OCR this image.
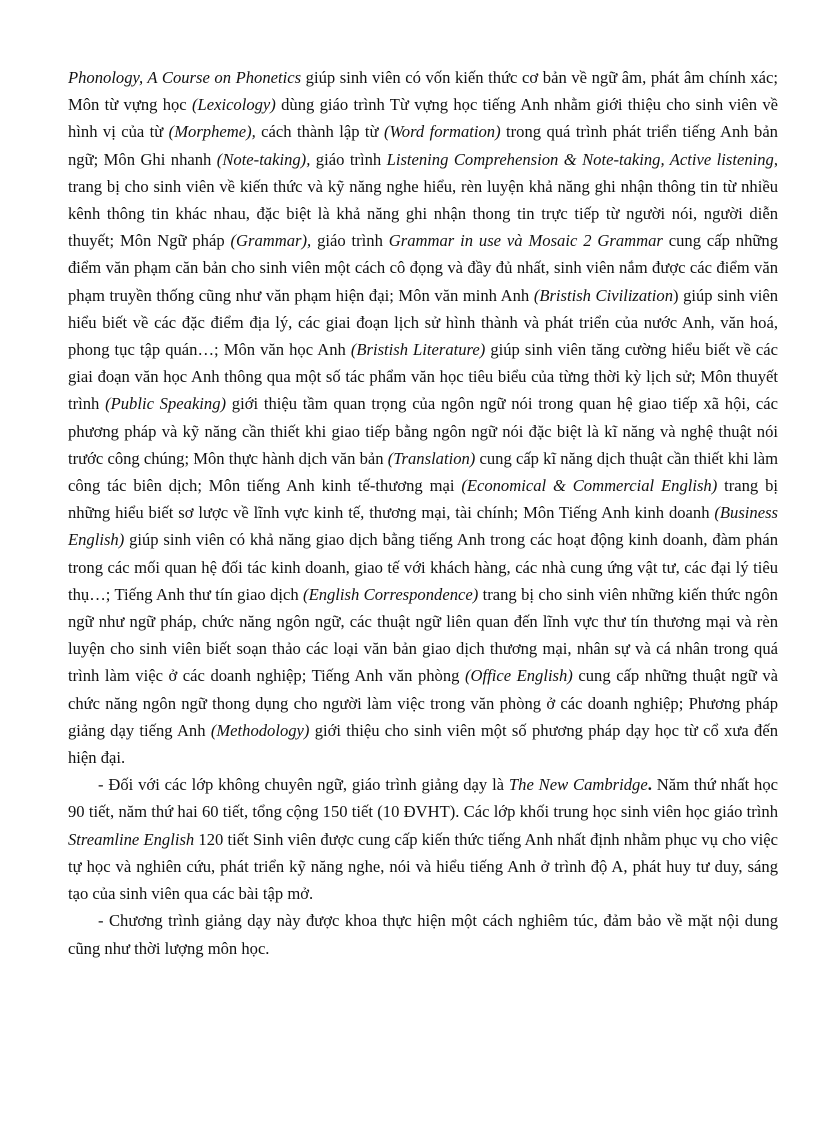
Phonology, A Course on Phonetics giúp sinh viên có vốn kiến thức cơ bản về ngữ âm, phát âm chính xác; Môn từ vựng học (Lexicology) dùng giáo trình Từ vựng học tiếng Anh nhằm giới thiệu cho sinh viên về hình vị của từ (Morpheme), cách thành lập từ (Word formation) trong quá trình phát triển tiếng Anh bản ngữ; Môn Ghi nhanh (Note-taking), giáo trình Listening Comprehension & Note-taking, Active listening, trang bị cho sinh viên về kiến thức và kỹ năng nghe hiểu, rèn luyện khả năng ghi nhận thông tin từ nhiều kênh thông tin khác nhau, đặc biệt là khả năng ghi nhận thong tin trực tiếp từ người nói, người diễn thuyết; Môn Ngữ pháp (Grammar), giáo trình Grammar in use và Mosaic 2 Grammar cung cấp những điểm văn phạm căn bản cho sinh viên một cách cô đọng và đầy đủ nhất, sinh viên nắm được các điểm văn phạm truyền thống cũng như văn phạm hiện đại; Môn văn minh Anh (Bristish Civilization) giúp sinh viên hiểu biết về các đặc điểm địa lý, các giai đoạn lịch sử hình thành và phát triển của nước Anh, văn hoá, phong tục tập quán…; Môn văn học Anh (Bristish Literature) giúp sinh viên tăng cường hiểu biết về các giai đoạn văn học Anh thông qua một số tác phẩm văn học tiêu biểu của từng thời kỳ lịch sử; Môn thuyết trình (Public Speaking) giới thiệu tầm quan trọng của ngôn ngữ nói trong quan hệ giao tiếp xã hội, các phương pháp và kỹ năng cần thiết khi giao tiếp bằng ngôn ngữ nói đặc biệt là kĩ năng và nghệ thuật nói trước công chúng; Môn thực hành dịch văn bản (Translation) cung cấp kĩ năng dịch thuật cần thiết khi làm công tác biên dịch; Môn tiếng Anh kinh tế-thương mại (Economical & Commercial English) trang bị những hiểu biết sơ lược về lĩnh vực kinh tế, thương mại, tài chính; Môn Tiếng Anh kinh doanh (Business English) giúp sinh viên có khả năng giao dịch bằng tiếng Anh trong các hoạt động kinh doanh, đàm phán trong các mối quan hệ đối tác kinh doanh, giao tế với khách hàng, các nhà cung ứng vật tư, các đại lý tiêu thụ…; Tiếng Anh thư tín giao dịch (English Correspondence) trang bị cho sinh viên những kiến thức ngôn ngữ như ngữ pháp, chức năng ngôn ngữ, các thuật ngữ liên quan đến lĩnh vực thư tín thương mại và rèn luyện cho sinh viên biết soạn thảo các loại văn bản giao dịch thương mại, nhân sự và cá nhân trong quá trình làm việc ở các doanh nghiệp; Tiếng Anh văn phòng (Office English) cung cấp những thuật ngữ và chức năng ngôn ngữ thong dụng cho người làm việc trong văn phòng ở các doanh nghiệp; Phương pháp giảng dạy tiếng Anh (Methodology) giới thiệu cho sinh viên một số phương pháp dạy học từ cổ xưa đến hiện đại.

- Đối với các lớp không chuyên ngữ, giáo trình giảng dạy là The New Cambridge. Năm thứ nhất học 90 tiết, năm thứ hai 60 tiết, tổng cộng 150 tiết (10 ĐVHT). Các lớp khối trung học sinh viên học giáo trình Streamline English 120 tiết Sinh viên được cung cấp kiến thức tiếng Anh nhất định nhằm phục vụ cho việc tự học và nghiên cứu, phát triển kỹ năng nghe, nói và hiểu tiếng Anh ở trình độ A, phát huy tư duy, sáng tạo của sinh viên qua các bài tập mở.

- Chương trình giảng dạy này được khoa thực hiện một cách nghiêm túc, đảm bảo về mặt nội dung cũng như thời lượng môn học.
